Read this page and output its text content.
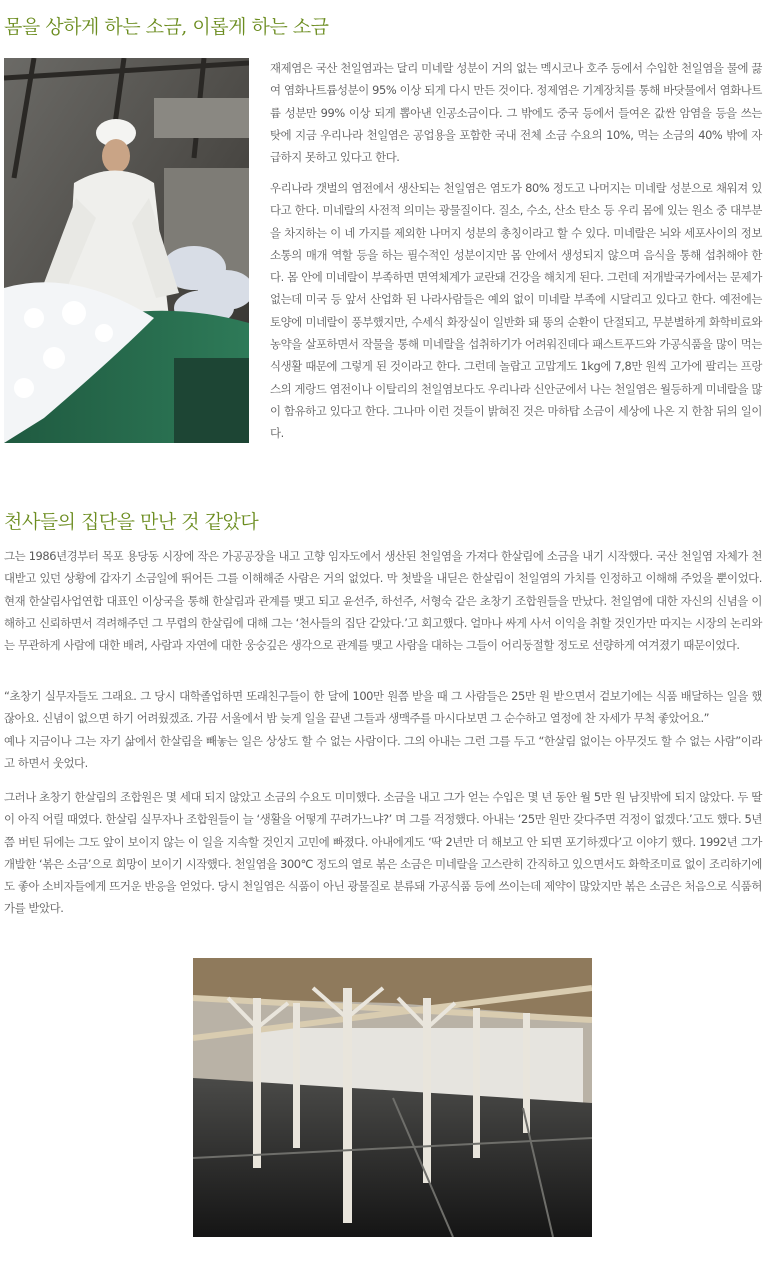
몸을 상하게 하는 소금, 이롭게 하는 소금
재제염은 국산 천일염과는 달리 미네랄 성분이 거의 없는 멕시코나 호주 등에서 수입한 천일염을 물에 끓여 염화나트륨성분이 95% 이상 되게 다시 만든 것이다. 정제염은 기계장치를 통해 바닷물에서 염화나트륨 성분만 99% 이상 되게 뽑아낸 인공소금이다. 그 밖에도 중국 등에서 들여온 값싼 암염을 등을 쓰는 탓에 지금 우리나라 천일염은 공업용을 포함한 국내 전체 소금 수요의 10%, 먹는 소금의 40% 밖에 자급하지 못하고 있다고 한다.
우리나라 갯벌의 염전에서 생산되는 천일염은 염도가 80% 정도고 나머지는 미네랄 성분으로 채워져 있다고 한다. 미네랄의 사전적 의미는 광물질이다. 질소, 수소, 산소 탄소 등 우리 몸에 있는 원소 중 대부분을 차지하는 이 네 가지를 제외한 나머지 성분의 총칭이라고 할 수 있다. 미네랄은 뇌와 세포사이의 정보소통의 매개 역할 등을 하는 필수적인 성분이지만 몸 안에서 생성되지 않으며 음식을 통해 섭취해야 한다. 몸 안에 미네랄이 부족하면 면역체계가 교란돼 건강을 해치게 된다. 그런데 저개발국가에서는 문제가 없는데 미국 등 앞서 산업화 된 나라사람들은 예외 없이 미네랄 부족에 시달리고 있다고 한다. 예전에는 토양에 미네랄이 풍부했지만, 수세식 화장실이 일반화 돼 똥의 순환이 단절되고, 무분별하게 화학비료와 농약을 살포하면서 작물을 통해 미네랄을 섭취하기가 어려워진데다 패스트푸드와 가공식품을 많이 먹는 식생활 때문에 그렇게 된 것이라고 한다. 그런데 놀랍고 고맙게도 1kg에 7,8만 원씩 고가에 팔리는 프랑스의 게랑드 염전이나 이탈리의 천일염보다도 우리나라 신안군에서 나는 천일염은 월등하게 미네랄을 많이 함유하고 있다고 한다. 그나마 이런 것들이 밝혀진 것은 마하탑 소금이 세상에 나온 지 한참 뒤의 일이다.
천사들의 집단을 만난 것 같았다
그는 1986년경부터 목포 용당동 시장에 작은 가공공장을 내고 고향 임자도에서 생산된 천일염을 가져다 한살림에 소금을 내기 시작했다. 국산 천일염 자체가 천대받고 있던 상황에 갑자기 소금일에 뛰어든 그를 이해해준 사람은 거의 없었다. 막 첫발을 내딛은 한살림이 천일염의 가치를 인정하고 이해해 주었을 뿐이었다. 현재 한살림사업연합 대표인 이상국을 통해 한살림과 관계를 맺고 되고 윤선주, 하선주, 서형숙 같은 초창기 조합원들을 만났다. 천일염에 대한 자신의 신념을 이해하고 신뢰하면서 격려해주던 그 무렵의 한살림에 대해 그는 ‘천사들의 집단 같았다.’고 회고했다. 얼마나 싸게 사서 이익을 취할 것인가만 따지는 시장의 논리와는 무관하게 사람에 대한 배려, 사람과 자연에 대한 웅숭깊은 생각으로 관계를 맺고 사람을 대하는 그들이 어리둥절할 정도로 선량하게 여겨졌기 때문이었다.
“초창기 실무자들도 그래요. 그 당시 대학졸업하면 또래친구들이 한 달에 100만 원쯤 받을 때 그 사람들은 25만 원 받으면서 겉보기에는 식품 배달하는 일을 했잖아요. 신념이 없으면 하기 어려웠겠죠. 가끔 서울에서 밤 늦게 일을 끝낸 그들과 생맥주를 마시다보면 그 순수하고 열정에 찬 자세가 무척 좋았어요.”
예나 지금이나 그는 자기 삶에서 한살림을 빼놓는 일은 상상도 할 수 없는 사람이다. 그의 아내는 그런 그를 두고 “한살림 없이는 아무것도 할 수 없는 사람”이라고 하면서 웃었다.
그러나 초창기 한살림의 조합원은 몇 세대 되지 않았고 소금의 수요도 미미했다. 소금을 내고 그가 얻는 수입은 몇 년 동안 월 5만 원 남짓밖에 되지 않았다. 두 딸이 아직 어릴 때였다. 한살림 실무자나 조합원들이 늘 ‘생활을 어떻게 꾸려가느냐?’ 며 그를 걱정했다. 아내는 ‘25만 원만 갖다주면 걱정이 없겠다.’고도 했다. 5년 쯤 버틴 뒤에는 그도 앞이 보이지 않는 이 일을 지속할 것인지 고민에 빠졌다. 아내에게도 ‘딱 2년만 더 해보고 안 되면 포기하겠다’고 이야기 했다. 1992년 그가 개발한 ‘볶은 소금’으로 희망이 보이기 시작했다. 천일염을 300℃ 정도의 열로 볶은 소금은 미네랄을 고스란히 간직하고 있으면서도 화학조미료 없이 조리하기에도 좋아 소비자들에게 뜨거운 반응을 얻었다. 당시 천일염은 식품이 아닌 광물질로 분류돼 가공식품 등에 쓰이는데 제약이 많았지만 볶은 소금은 처음으로 식품허가를 받았다.
